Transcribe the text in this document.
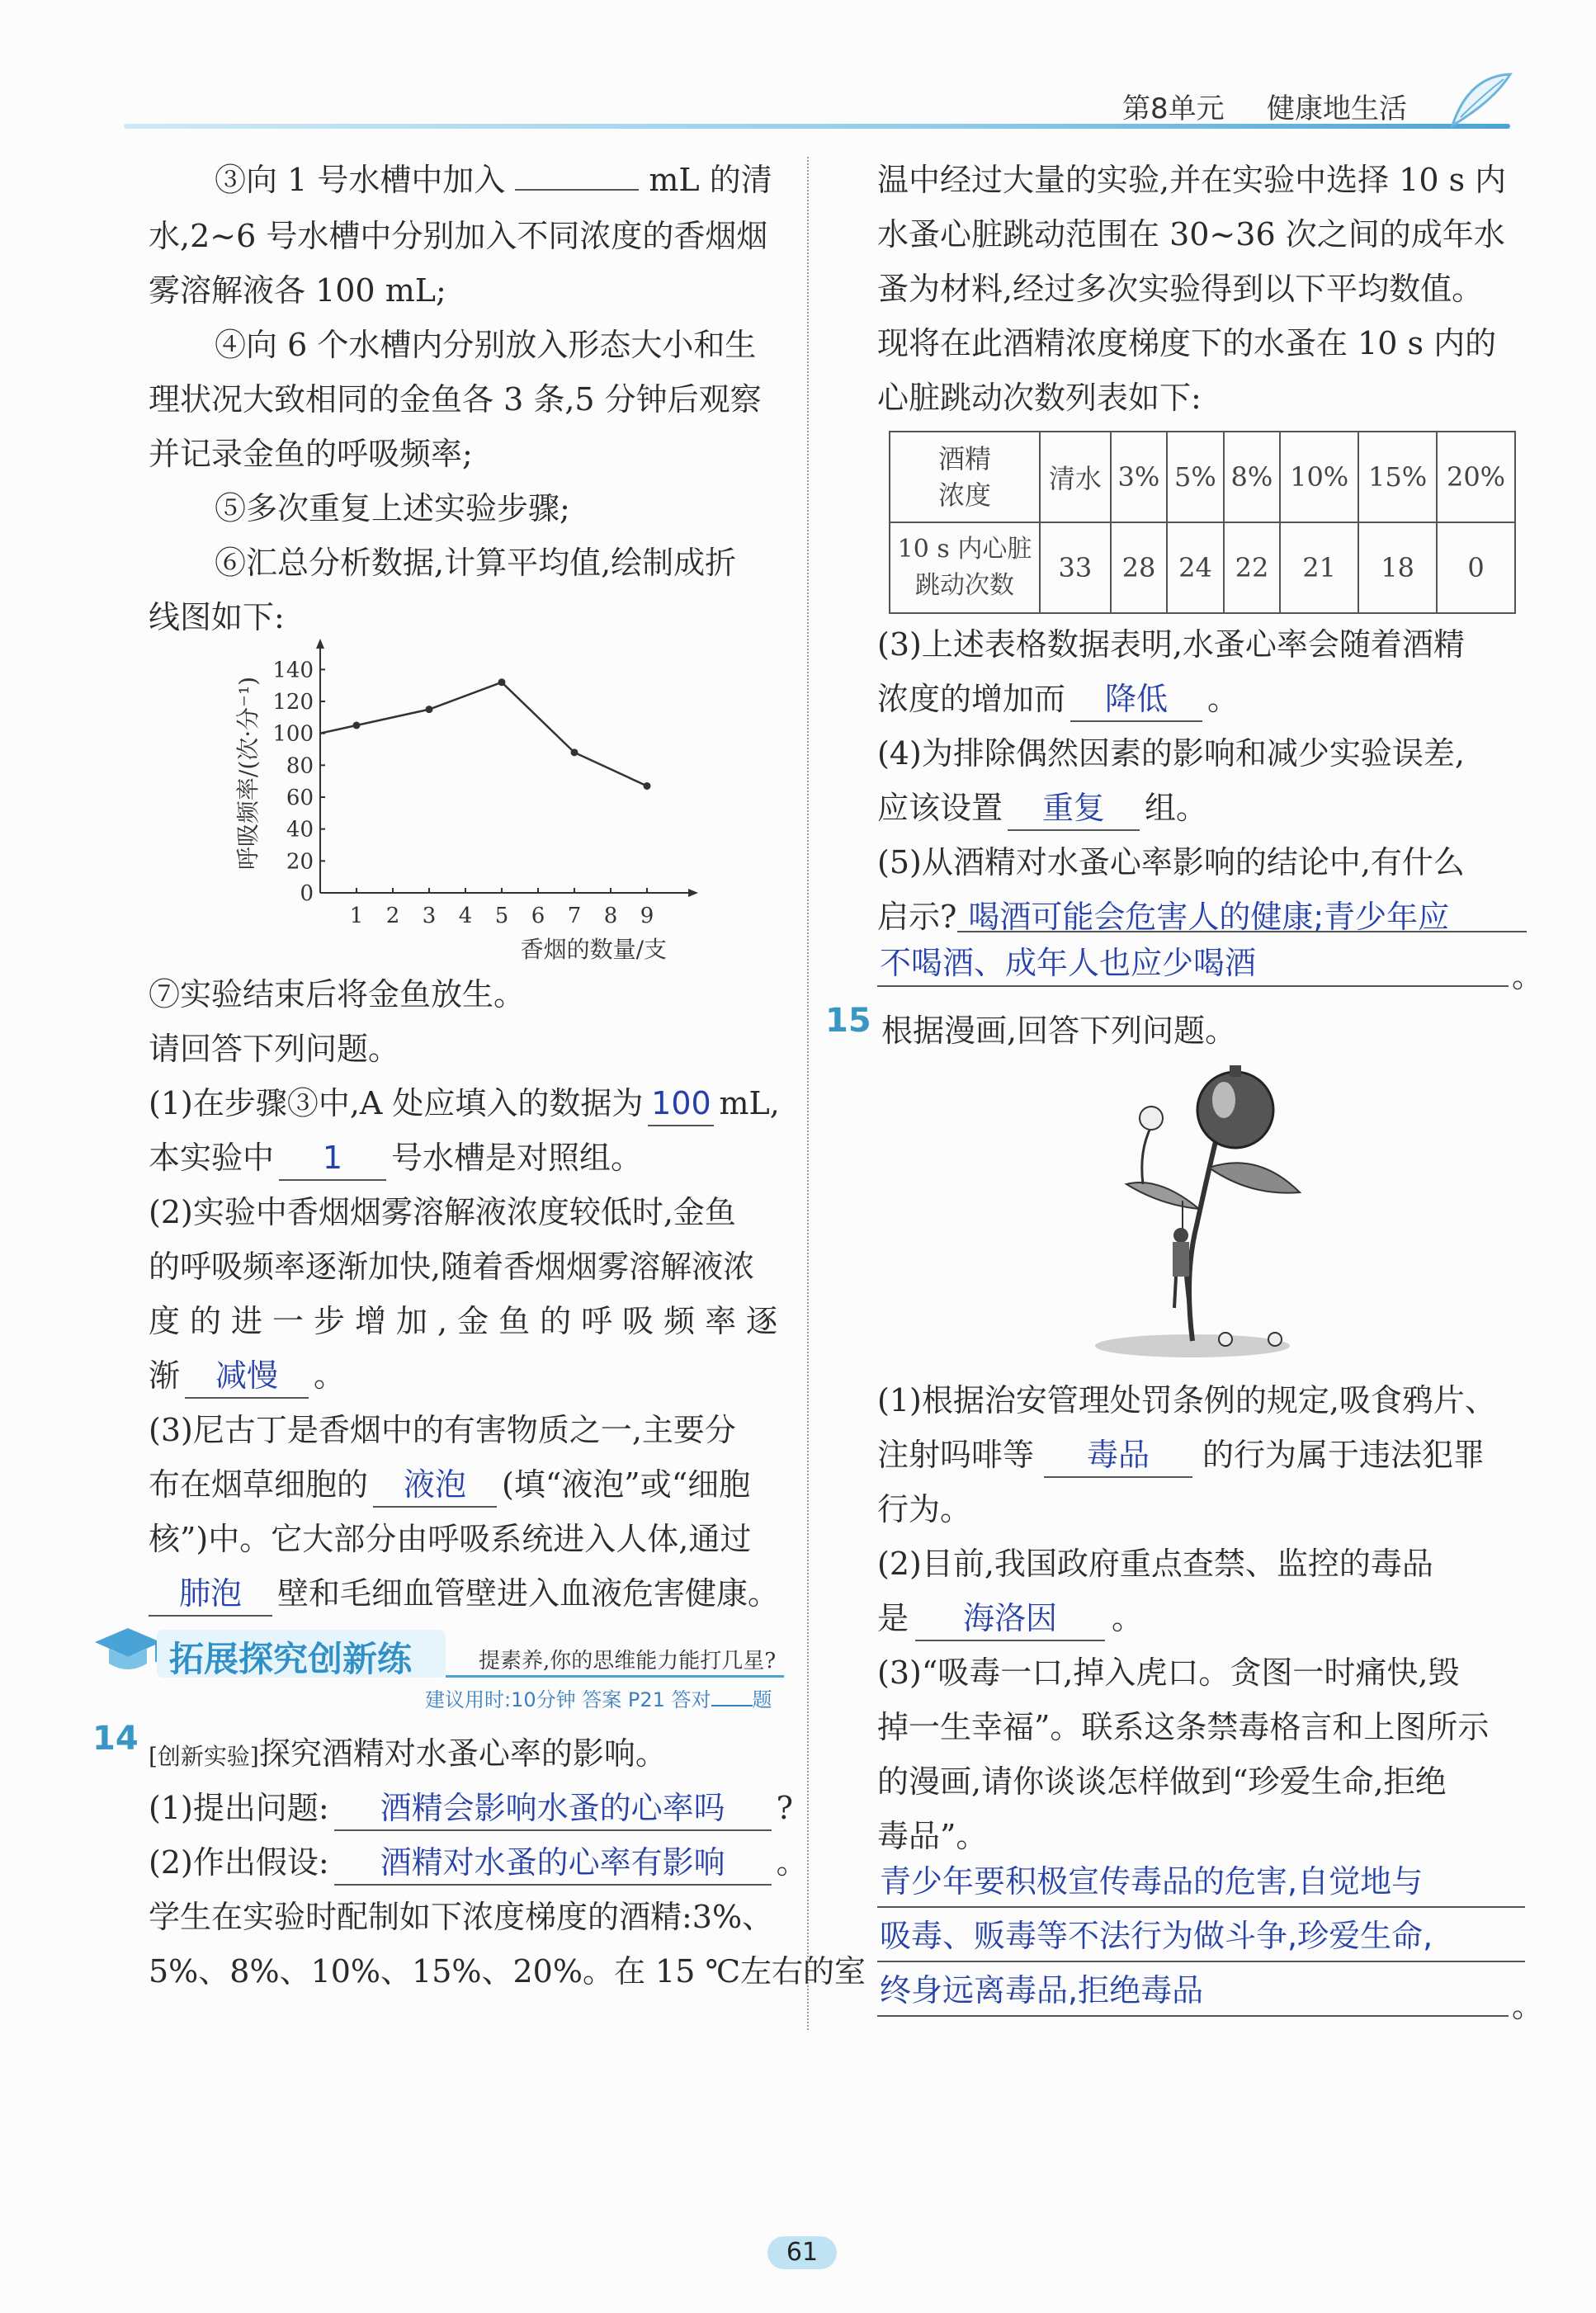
第8单元 健康地生活
③向 1 号水槽中加入	mL 的清
水,2~6 号水槽中分别加入不同浓度的香烟烟
雾溶解液各 100 mL;
④向 6 个水槽内分别放入形态大小和生
理状况大致相同的金鱼各 3 条,5 分钟后观察
并记录金鱼的呼吸频率;
⑤多次重复上述实验步骤;
⑥汇总分析数据,计算平均值,绘制成折
线图如下:
0
20
40
60
80
100
120
140
1 2 3 4 5 6 7 8 9
香烟的数量/支
呼吸频率/(次·分⁻¹)
⑦实验结束后将金鱼放生。
请回答下列问题。
(1)在步骤③中,A 处应填入的数据为 100 mL,
本实验中 1 号水槽是对照组。
(2)实验中香烟烟雾溶解液浓度较低时,金鱼
的呼吸频率逐渐加快,随着香烟烟雾溶解液浓
度的进一步增加,金鱼的呼吸频率逐
渐 减慢 。
(3)尼古丁是香烟中的有害物质之一,主要分
布在烟草细胞的 液泡 (填“液泡”或“细胞
核”)中。它大部分由呼吸系统进入人体,通过
肺泡 壁和毛细血管壁进入血液危害健康。
拓展探究创新练	提素养,你的思维能力能打几星?
建议用时:10分钟 答案 P21 答对 题
14 [创新实验]探究酒精对水蚤心率的影响。
(1)提出问题: 酒精会影响水蚤的心率吗 ?
(2)作出假设: 酒精对水蚤的心率有影响 。
学生在实验时配制如下浓度梯度的酒精:3%、
5%、8%、10%、15%、20%。在 15 ℃左右的室
温中经过大量的实验,并在实验中选择 10 s 内
水蚤心脏跳动范围在 30~36 次之间的成年水
蚤为材料,经过多次实验得到以下平均数值。
现将在此酒精浓度梯度下的水蚤在 10 s 内的
心脏跳动次数列表如下:
酒精
浓度	清水	3%	5%	8%	10%	15%	20%
10 s 内心脏
跳动次数	33	28	24	22	21	18	0
(3)上述表格数据表明,水蚤心率会随着酒精
浓度的增加而 降低 。
(4)为排除偶然因素的影响和减少实验误差,
应该设置 重复 组。
(5)从酒精对水蚤心率影响的结论中,有什么
启示? 喝酒可能会危害人的健康;青少年应
不喝酒、成年人也应少喝酒	。
15 根据漫画,回答下列问题。
(1)根据治安管理处罚条例的规定,吸食鸦片、
注射吗啡等 毒品 的行为属于违法犯罪
行为。
(2)目前,我国政府重点查禁、监控的毒品
是 海洛因 。
(3)“吸毒一口,掉入虎口。贪图一时痛快,毁
掉一生幸福”。联系这条禁毒格言和上图所示
的漫画,请你谈谈怎样做到“珍爱生命,拒绝
毒品”。
青少年要积极宣传毒品的危害,自觉地与
吸毒、贩毒等不法行为做斗争,珍爱生命,
终身远离毒品,拒绝毒品	。
61
